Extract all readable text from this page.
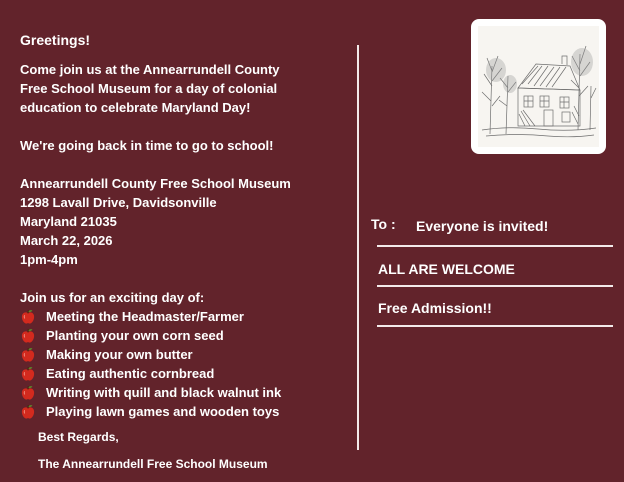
Greetings!
Come join us at the Annearrundell County
Free School Museum for a day of colonial
education to celebrate Maryland Day!
We're going back in time to go to school!
Annearrundell County Free School Museum
1298 Lavall Drive, Davidsonville
Maryland 21035
March 22, 2026
1pm-4pm
Join us for an exciting day of:
Meeting the Headmaster/Farmer
Planting your own corn seed
Making your own butter
Eating authentic cornbread
Writing with quill and black walnut ink
Playing lawn games and wooden toys
Best Regards,
The Annearrundell Free School Museum
To : Everyone is invited!
ALL ARE WELCOME
Free Admission!!
